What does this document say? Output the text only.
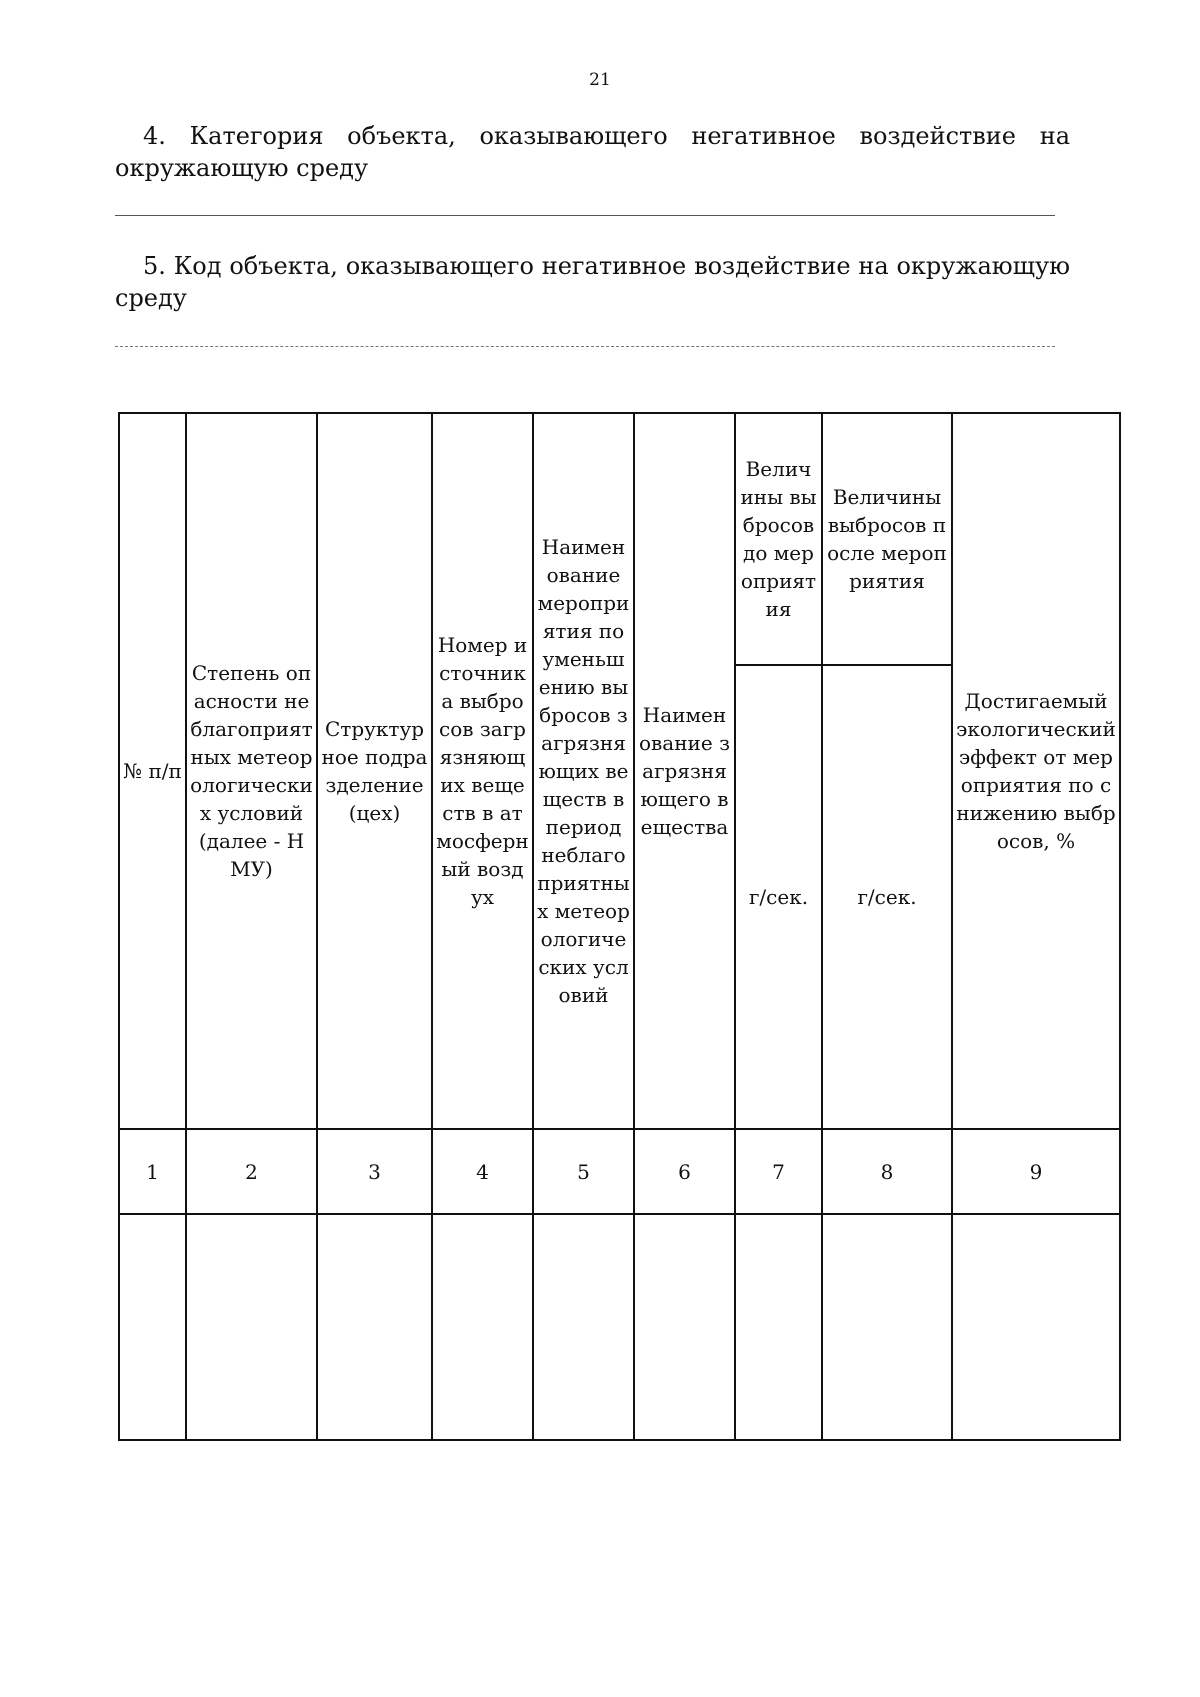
21

4. Категория объекта, оказывающего негативное воздействие на окружающую среду

5. Код объекта, оказывающего негативное воздействие на окружающую среду

№ п/п	Степень опасности неблагоприятных метеорологических условий (далее - НМУ)	Структурное подразделение (цех)	Номер источника выбросов загрязняющих веществ в атмосферный воздух	Наименование мероприятия по уменьшению выбросов загрязняющих веществ в период неблагоприятных метеорологических условий	Наименование загрязняющего вещества	Величины выбросов до мероприятия	Величины выбросов после мероприятия	Достигаемый экологический эффект от мероприятия по снижению выбросов, %
						г/сек.	г/сек.	
1	2	3	4	5	6	7	8	9
